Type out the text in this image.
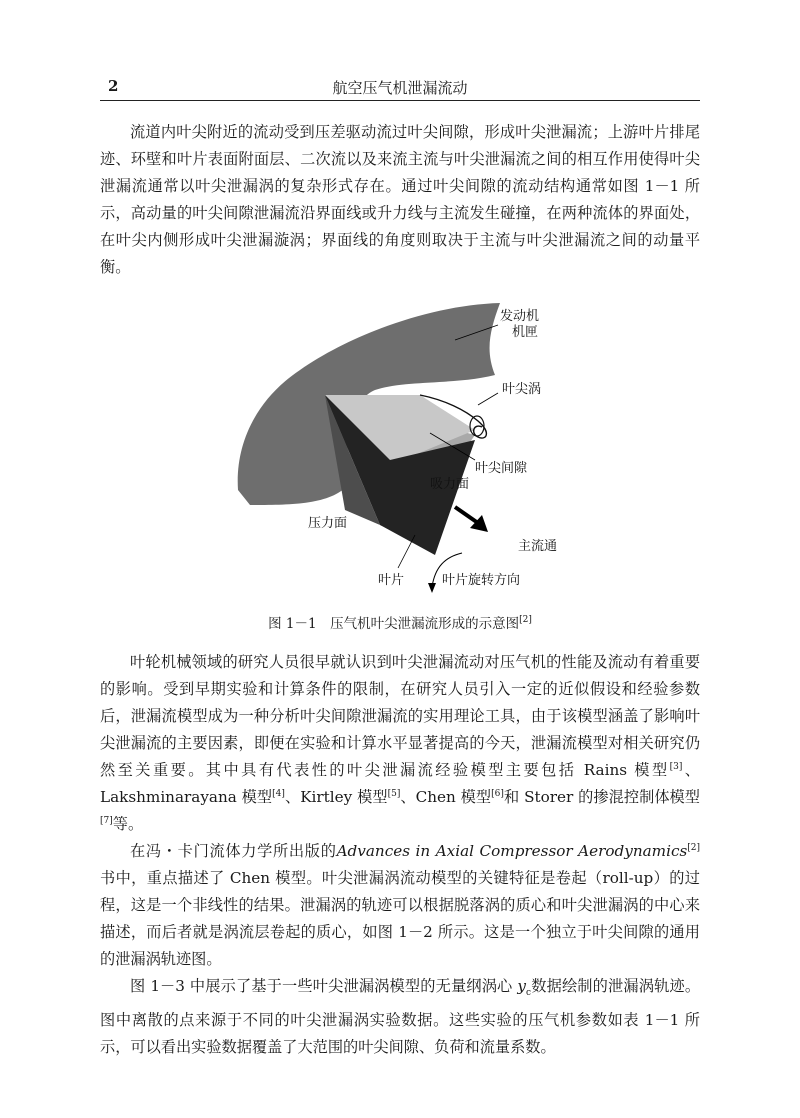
2	航空压气机泄漏流动

流道内叶尖附近的流动受到压差驱动流过叶尖间隙，形成叶尖泄漏流；上游叶片排尾迹、环壁和叶片表面附面层、二次流以及来流主流与叶尖泄漏流之间的相互作用使得叶尖泄漏流通常以叶尖泄漏涡的复杂形式存在。通过叶尖间隙的流动结构通常如图 1－1 所示，高动量的叶尖间隙泄漏流沿界面线或升力线与主流发生碰撞，在两种流体的界面处，在叶尖内侧形成叶尖泄漏漩涡；界面线的角度则取决于主流与叶尖泄漏流之间的动量平衡。

发动机
机匣
叶尖涡
叶尖间隙
吸力面
压力面
主流通
叶片	叶片旋转方向
图 1－1　压气机叶尖泄漏流形成的示意图[2]

叶轮机械领域的研究人员很早就认识到叶尖泄漏流动对压气机的性能及流动有着重要的影响。受到早期实验和计算条件的限制，在研究人员引入一定的近似假设和经验参数后，泄漏流模型成为一种分析叶尖间隙泄漏流的实用理论工具，由于该模型涵盖了影响叶尖泄漏流的主要因素，即便在实验和计算水平显著提高的今天，泄漏流模型对相关研究仍然至关重要。其中具有代表性的叶尖泄漏流经验模型主要包括 Rains 模型[3]、Lakshminarayana 模型[4]、Kirtley 模型[5]、Chen 模型[6]和 Storer 的掺混控制体模型[7]等。

在冯・卡门流体力学所出版的Advances in Axial Compressor Aerodynamics[2]书中，重点描述了 Chen 模型。叶尖泄漏涡流动模型的关键特征是卷起（roll-up）的过程，这是一个非线性的结果。泄漏涡的轨迹可以根据脱落涡的质心和叶尖泄漏涡的中心来描述，而后者就是涡流层卷起的质心，如图 1－2 所示。这是一个独立于叶尖间隙的通用的泄漏涡轨迹图。

图 1－3 中展示了基于一些叶尖泄漏涡模型的无量纲涡心 $y_c$数据绘制的泄漏涡轨迹。图中离散的点来源于不同的叶尖泄漏涡实验数据。这些实验的压气机参数如表 1－1 所示，可以看出实验数据覆盖了大范围的叶尖间隙、负荷和流量系数。
